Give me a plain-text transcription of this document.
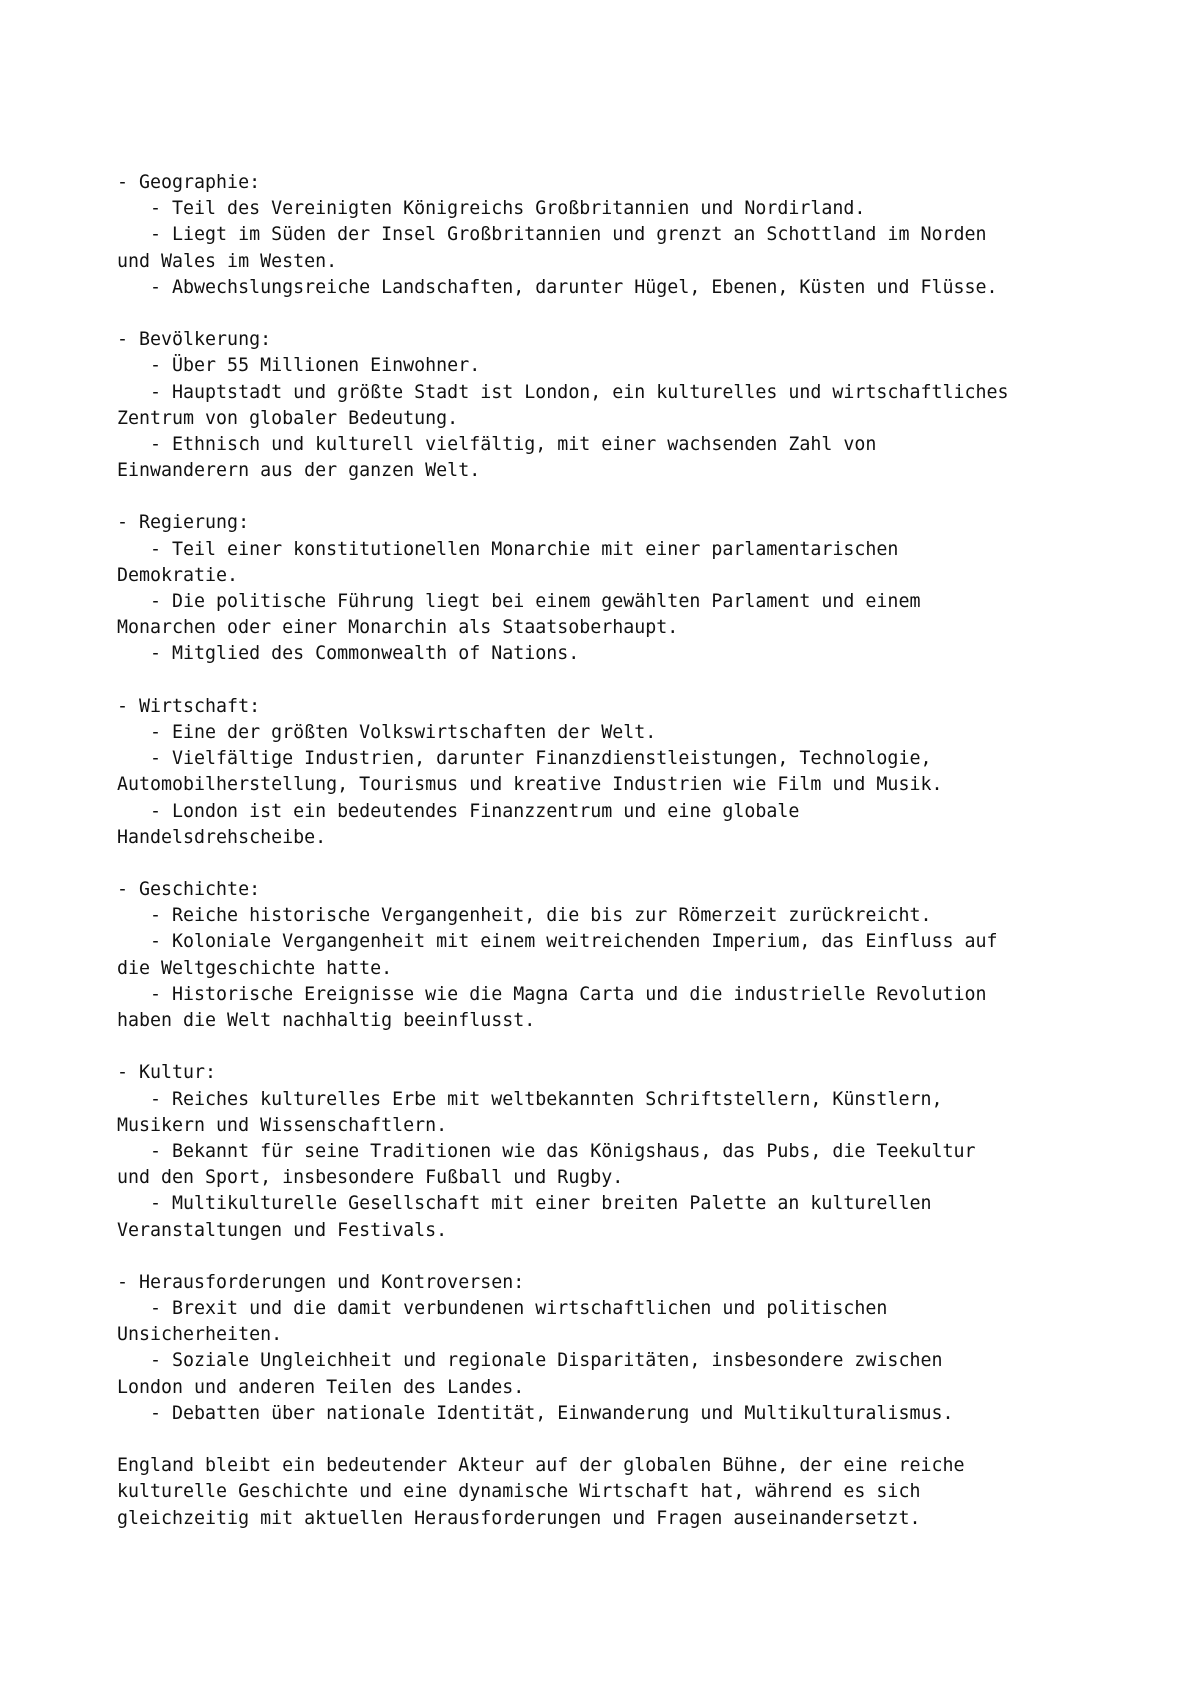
- Geographie:
- Teil des Vereinigten Königreichs Großbritannien und Nordirland.
- Liegt im Süden der Insel Großbritannien und grenzt an Schottland im Norden
und Wales im Westen.
- Abwechslungsreiche Landschaften, darunter Hügel, Ebenen, Küsten und Flüsse.
- Bevölkerung:
- Über 55 Millionen Einwohner.
- Hauptstadt und größte Stadt ist London, ein kulturelles und wirtschaftliches
Zentrum von globaler Bedeutung.
- Ethnisch und kulturell vielfältig, mit einer wachsenden Zahl von
Einwanderern aus der ganzen Welt.
- Regierung:
- Teil einer konstitutionellen Monarchie mit einer parlamentarischen
Demokratie.
- Die politische Führung liegt bei einem gewählten Parlament und einem
Monarchen oder einer Monarchin als Staatsoberhaupt.
- Mitglied des Commonwealth of Nations.
- Wirtschaft:
- Eine der größten Volkswirtschaften der Welt.
- Vielfältige Industrien, darunter Finanzdienstleistungen, Technologie,
Automobilherstellung, Tourismus und kreative Industrien wie Film und Musik.
- London ist ein bedeutendes Finanzzentrum und eine globale
Handelsdrehscheibe.
- Geschichte:
- Reiche historische Vergangenheit, die bis zur Römerzeit zurückreicht.
- Koloniale Vergangenheit mit einem weitreichenden Imperium, das Einfluss auf
die Weltgeschichte hatte.
- Historische Ereignisse wie die Magna Carta und die industrielle Revolution
haben die Welt nachhaltig beeinflusst.
- Kultur:
- Reiches kulturelles Erbe mit weltbekannten Schriftstellern, Künstlern,
Musikern und Wissenschaftlern.
- Bekannt für seine Traditionen wie das Königshaus, das Pubs, die Teekultur
und den Sport, insbesondere Fußball und Rugby.
- Multikulturelle Gesellschaft mit einer breiten Palette an kulturellen
Veranstaltungen und Festivals.
- Herausforderungen und Kontroversen:
- Brexit und die damit verbundenen wirtschaftlichen und politischen
Unsicherheiten.
- Soziale Ungleichheit und regionale Disparitäten, insbesondere zwischen
London und anderen Teilen des Landes.
- Debatten über nationale Identität, Einwanderung und Multikulturalismus.
England bleibt ein bedeutender Akteur auf der globalen Bühne, der eine reiche
kulturelle Geschichte und eine dynamische Wirtschaft hat, während es sich
gleichzeitig mit aktuellen Herausforderungen und Fragen auseinandersetzt.
